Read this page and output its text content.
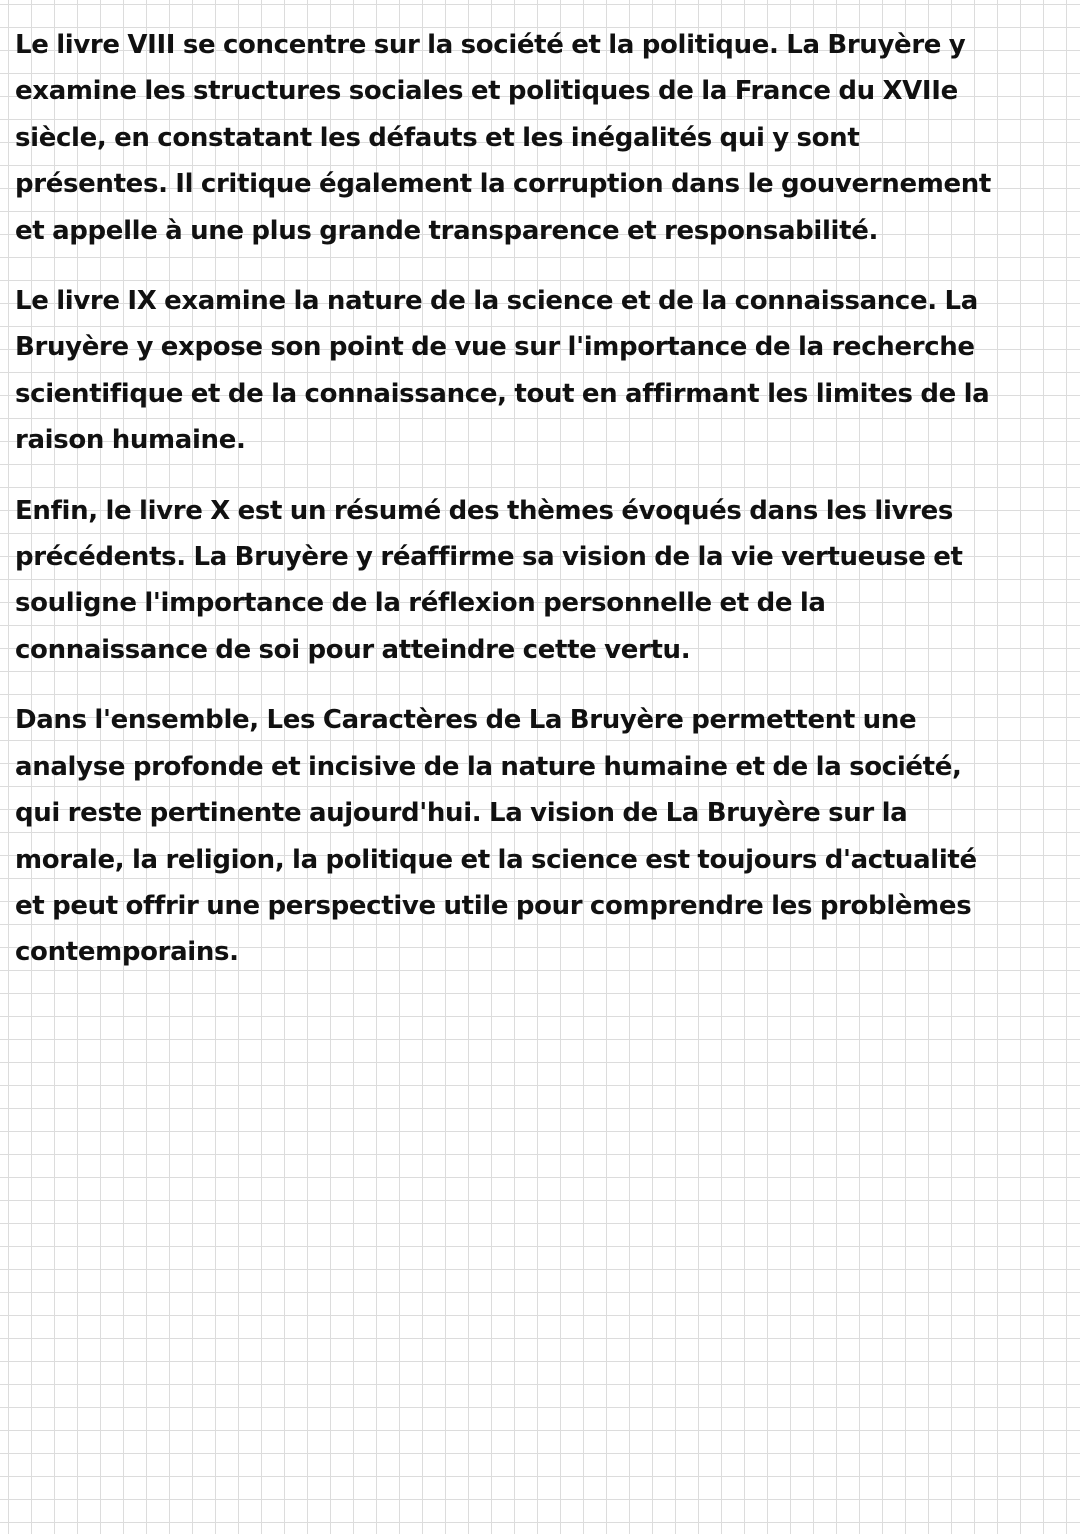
Le livre VIII se concentre sur la société et la politique. La Bruyère y
examine les structures sociales et politiques de la France du XVIIe
siècle, en constatant les défauts et les inégalités qui y sont
présentes. Il critique également la corruption dans le gouvernement
et appelle à une plus grande transparence et responsabilité.

Le livre IX examine la nature de la science et de la connaissance. La
Bruyère y expose son point de vue sur l'importance de la recherche
scientifique et de la connaissance, tout en affirmant les limites de la
raison humaine.

Enfin, le livre X est un résumé des thèmes évoqués dans les livres
précédents. La Bruyère y réaffirme sa vision de la vie vertueuse et
souligne l'importance de la réflexion personnelle et de la
connaissance de soi pour atteindre cette vertu.

Dans l'ensemble, Les Caractères de La Bruyère permettent une
analyse profonde et incisive de la nature humaine et de la société,
qui reste pertinente aujourd'hui. La vision de La Bruyère sur la
morale, la religion, la politique et la science est toujours d'actualité
et peut offrir une perspective utile pour comprendre les problèmes
contemporains.
